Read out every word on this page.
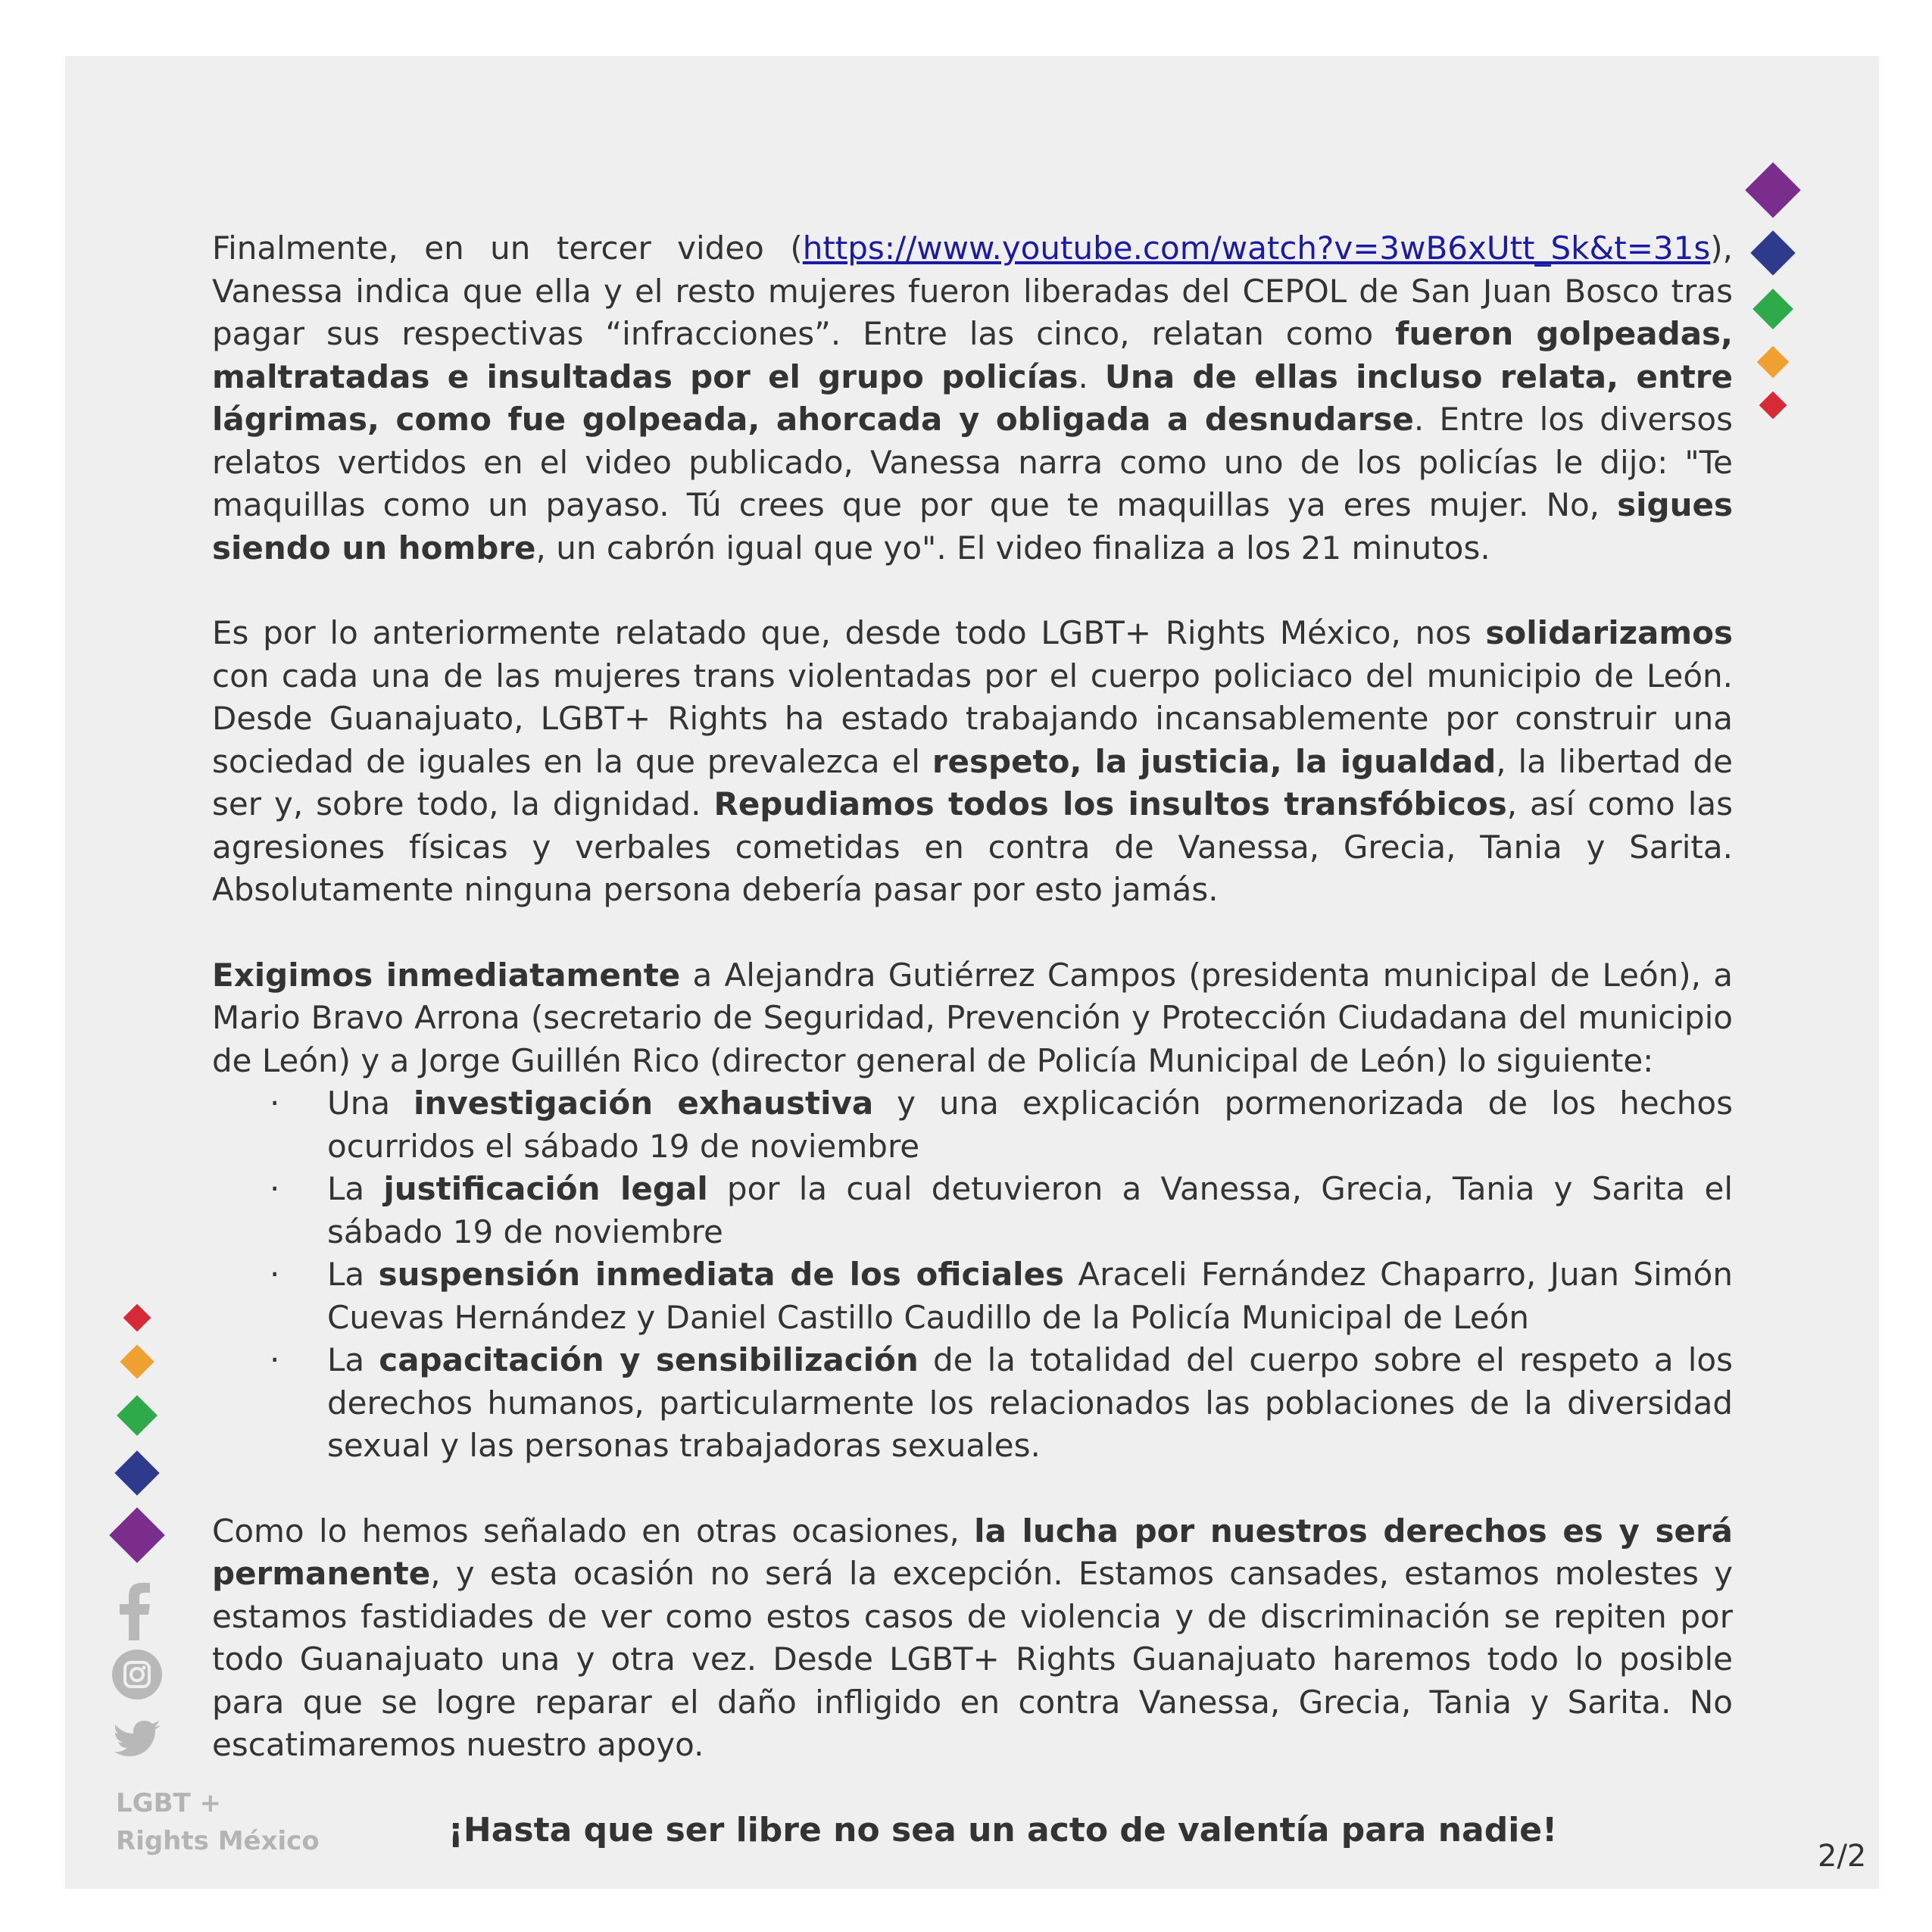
LGBT +
Rights México	2/2

Finalmente, en un tercer video (https://www.youtube.com/watch?v=3wB6xUtt_Sk&t=31s), Vanessa indica que ella y el resto mujeres fueron liberadas del CEPOL de San Juan Bosco tras pagar sus respectivas “infracciones”. Entre las cinco, relatan como fueron golpeadas, maltratadas e insultadas por el grupo policías. Una de ellas incluso relata, entre lágrimas, como fue golpeada, ahorcada y obligada a desnudarse. Entre los diversos relatos vertidos en el video publicado, Vanessa narra como uno de los policías le dijo: "Te maquillas como un payaso. Tú crees que por que te maquillas ya eres mujer. No, sigues siendo un hombre, un cabrón igual que yo". El video finaliza a los 21 minutos.

Es por lo anteriormente relatado que, desde todo LGBT+ Rights México, nos solidarizamos con cada una de las mujeres trans violentadas por el cuerpo policiaco del municipio de León. Desde Guanajuato, LGBT+ Rights ha estado trabajando incansablemente por construir una sociedad de iguales en la que prevalezca el respeto, la justicia, la igualdad, la libertad de ser y, sobre todo, la dignidad. Repudiamos todos los insultos transfóbicos, así como las agresiones físicas y verbales cometidas en contra de Vanessa, Grecia, Tania y Sarita. Absolutamente ninguna persona debería pasar por esto jamás.

Exigimos inmediatamente a Alejandra Gutiérrez Campos (presidenta municipal de León), a Mario Bravo Arrona (secretario de Seguridad, Prevención y Protección Ciudadana del municipio de León) y a Jorge Guillén Rico (director general de Policía Municipal de León) lo siguiente:

· Una investigación exhaustiva y una explicación pormenorizada de los hechos ocurridos el sábado 19 de noviembre
· La justificación legal por la cual detuvieron a Vanessa, Grecia, Tania y Sarita el sábado 19 de noviembre
· La suspensión inmediata de los oficiales Araceli Fernández Chaparro, Juan Simón Cuevas Hernández y Daniel Castillo Caudillo de la Policía Municipal de León
· La capacitación y sensibilización de la totalidad del cuerpo sobre el respeto a los derechos humanos, particularmente los relacionados las poblaciones de la diversidad sexual y las personas trabajadoras sexuales.

Como lo hemos señalado en otras ocasiones, la lucha por nuestros derechos es y será permanente, y esta ocasión no será la excepción. Estamos cansades, estamos molestes y estamos fastidiades de ver como estos casos de violencia y de discriminación se repiten por todo Guanajuato una y otra vez. Desde LGBT+ Rights Guanajuato haremos todo lo posible para que se logre reparar el daño infligido en contra Vanessa, Grecia, Tania y Sarita. No escatimaremos nuestro apoyo.

¡Hasta que ser libre no sea un acto de valentía para nadie!
